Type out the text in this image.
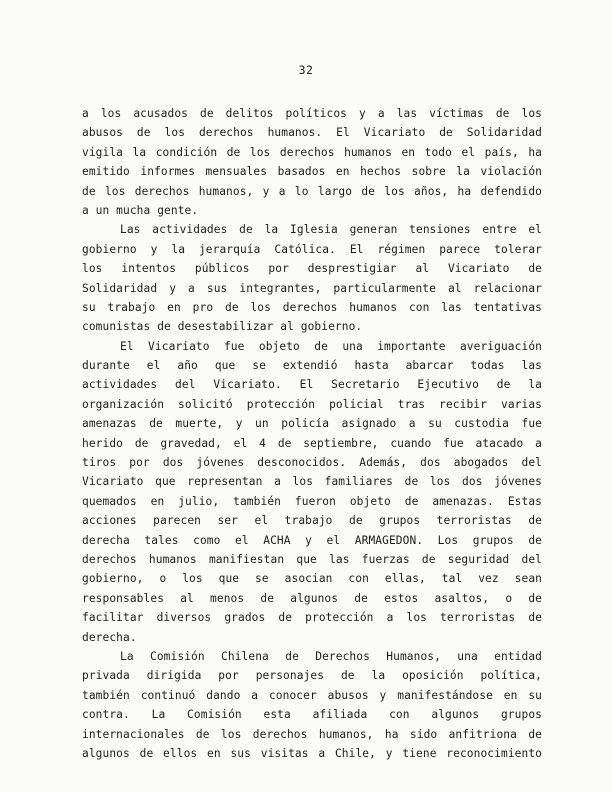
32
a los acusados de delitos políticos y a las víctimas de los
abusos de los derechos humanos. El Vicariato de Solidaridad
vigila la condición de los derechos humanos en todo el país, ha
emitido informes mensuales basados en hechos sobre la violación
de los derechos humanos, y a lo largo de los años, ha defendido
a un mucha gente.
Las actividades de la Iglesia generan tensiones entre el
gobierno y la jerarquía Católica. El régimen parece tolerar
los intentos públicos por desprestigiar al Vicariato de
Solidaridad y a sus integrantes, particularmente al relacionar
su trabajo en pro de los derechos humanos con las tentativas
comunistas de desestabilizar al gobierno.
El Vicariato fue objeto de una importante averiguación
durante el año que se extendió hasta abarcar todas las
actividades del Vicariato. El Secretario Ejecutivo de la
organización solicitó protección policial tras recibir varias
amenazas de muerte, y un policía asignado a su custodia fue
herido de gravedad, el 4 de septiembre, cuando fue atacado a
tiros por dos jóvenes desconocidos. Además, dos abogados del
Vicariato que representan a los familiares de los dos jóvenes
quemados en julio, también fueron objeto de amenazas. Estas
acciones parecen ser el trabajo de grupos terroristas de
derecha tales como el ACHA y el ARMAGEDON. Los grupos de
derechos humanos manifiestan que las fuerzas de seguridad del
gobierno, o los que se asocian con ellas, tal vez sean
responsables al menos de algunos de estos asaltos, o de
facilitar diversos grados de protección a los terroristas de
derecha.
La Comisión Chilena de Derechos Humanos, una entidad
privada dirigida por personajes de la oposición política,
también continuó dando a conocer abusos y manifestándose en su
contra. La Comisión esta afiliada con algunos grupos
internacionales de los derechos humanos, ha sido anfitriona de
algunos de ellos en sus visitas a Chile, y tiene reconocimiento
